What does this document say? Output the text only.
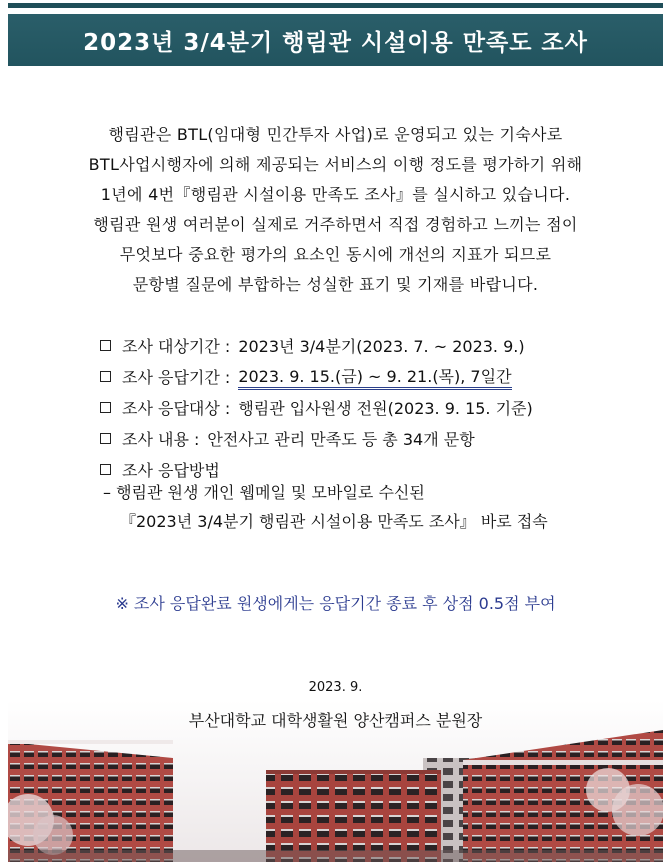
2023년 3/4분기 행림관 시설이용 만족도 조사
행림관은 BTL(임대형 민간투자 사업)로 운영되고 있는 기숙사로
BTL사업시행자에 의해 제공되는 서비스의 이행 정도를 평가하기 위해
1년에 4번『행림관 시설이용 만족도 조사』를 실시하고 있습니다.
행림관 원생 여러분이 실제로 거주하면서 직접 경험하고 느끼는 점이
무엇보다 중요한 평가의 요소인 동시에 개선의 지표가 되므로
문항별 질문에 부합하는 성실한 표기 및 기재를 바랍니다.
조사 대상기간 : 2023년 3/4분기(2023. 7. ~ 2023. 9.)
조사 응답기간 : 2023. 9. 15.(금) ~ 9. 21.(목), 7일간
조사 응답대상 : 행림관 입사원생 전원(2023. 9. 15. 기준)
조사 내용 : 안전사고 관리 만족도 등 총 34개 문항
조사 응답방법
– 행림관 원생 개인 웹메일 및 모바일로 수신된
『2023년 3/4분기 행림관 시설이용 만족도 조사』 바로 접속
※ 조사 응답완료 원생에게는 응답기간 종료 후 상점 0.5점 부여
2023. 9.
부산대학교 대학생활원 양산캠퍼스 분원장
